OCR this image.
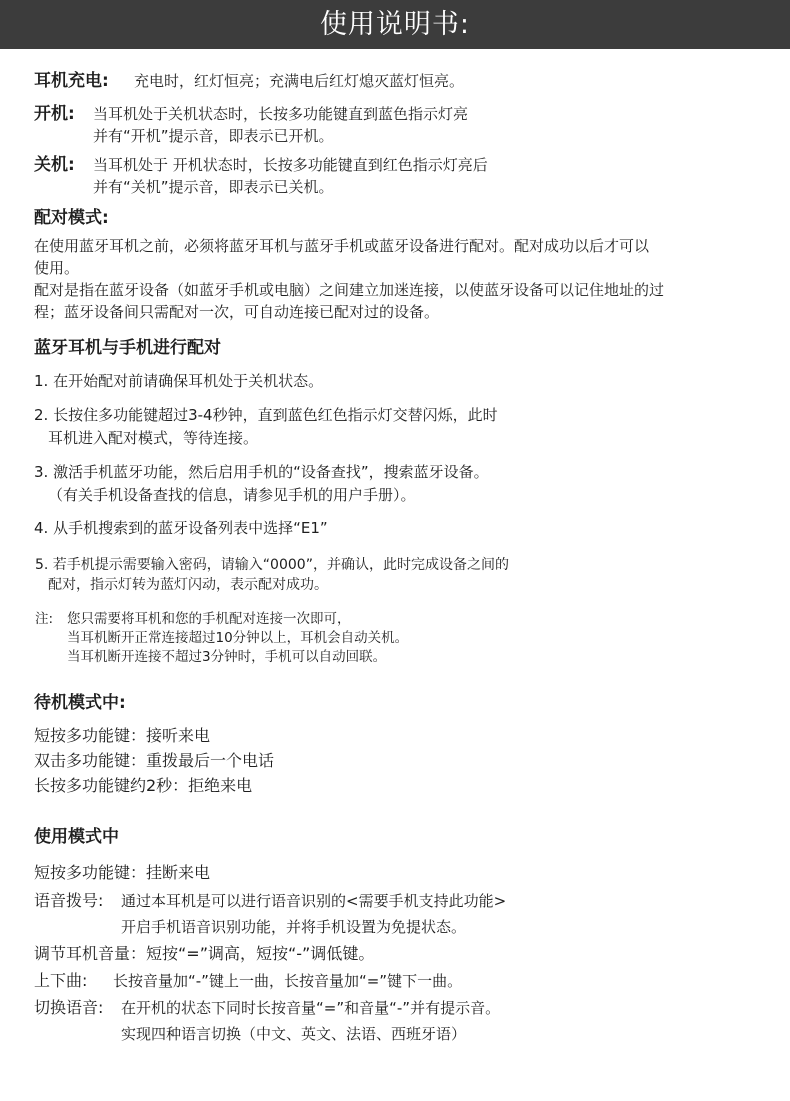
使用说明书:
耳机充电: 充电时，红灯恒亮；充满电后红灯熄灭蓝灯恒亮。
开机: 当耳机处于关机状态时，长按多功能键直到蓝色指示灯亮
并有“开机”提示音，即表示已开机。
关机: 当耳机处于 开机状态时，长按多功能键直到红色指示灯亮后
并有“关机”提示音，即表示已关机。
配对模式:
在使用蓝牙耳机之前，必须将蓝牙耳机与蓝牙手机或蓝牙设备进行配对。配对成功以后才可以
使用。
配对是指在蓝牙设备（如蓝牙手机或电脑）之间建立加迷连接，以使蓝牙设备可以记住地址的过
程；蓝牙设备间只需配对一次，可自动连接已配对过的设备。
蓝牙耳机与手机进行配对
1. 在开始配对前请确保耳机处于关机状态。
2. 长按住多功能键超过3-4秒钟，直到蓝色红色指示灯交替闪烁，此时
耳机进入配对模式，等待连接。
3. 激活手机蓝牙功能，然后启用手机的“设备查找”，搜索蓝牙设备。
（有关手机设备查找的信息，请参见手机的用户手册）。
4. 从手机搜索到的蓝牙设备列表中选择“E1”
5. 若手机提示需要输入密码，请输入“0000”，并确认，此时完成设备之间的
配对，指示灯转为蓝灯闪动，表示配对成功。
注: 您只需要将耳机和您的手机配对连接一次即可，
当耳机断开正常连接超过10分钟以上，耳机会自动关机。
当耳机断开连接不超过3分钟时，手机可以自动回联。
待机模式中:
短按多功能键：接听来电
双击多功能键：重拨最后一个电话
长按多功能键约2秒：拒绝来电
使用模式中
短按多功能键：挂断来电
语音拨号: 通过本耳机是可以进行语音识别的<需要手机支持此功能>
开启手机语音识别功能，并将手机设置为免提状态。
调节耳机音量：短按“=”调高，短按“-”调低键。
上下曲: 长按音量加“-”键上一曲，长按音量加“=”键下一曲。
切换语音: 在开机的状态下同时长按音量“=”和音量“-”并有提示音。
实现四种语言切换（中文、英文、法语、西班牙语）
